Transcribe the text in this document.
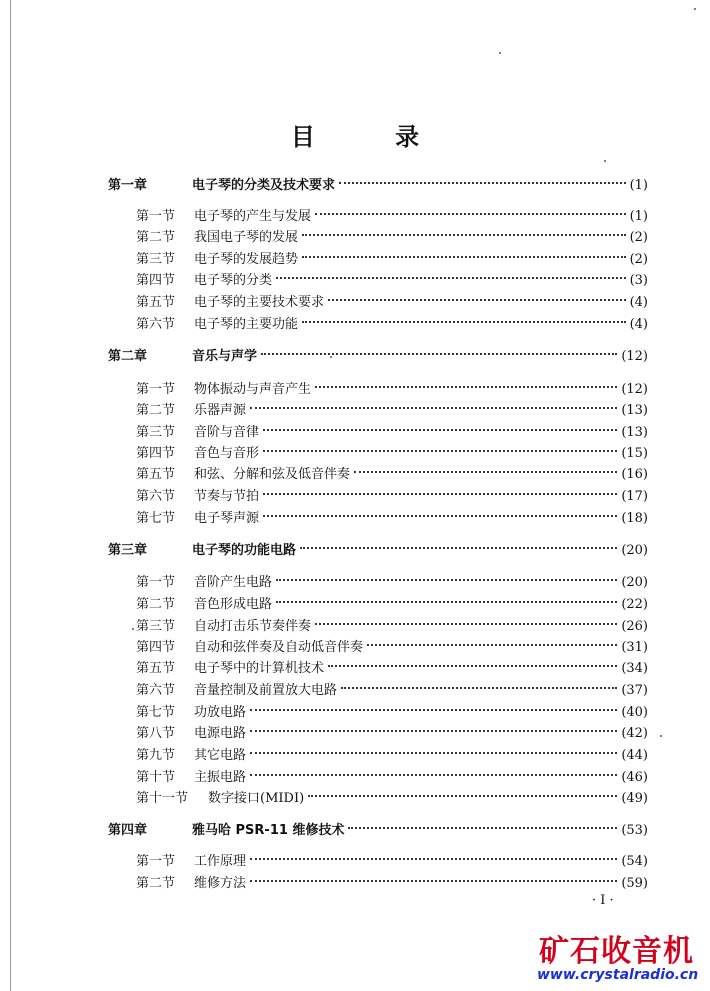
目 录
第一章	电子琴的分类及技术要求	(1)
第一节 电子琴的产生与发展	(1)
第二节 我国电子琴的发展	(2)
第三节 电子琴的发展趋势	(2)
第四节 电子琴的分类	(3)
第五节 电子琴的主要技术要求	(4)
第六节 电子琴的主要功能	(4)
第二章	音乐与声学	(12)
第一节 物体振动与声音产生	(12)
第二节 乐器声源	(13)
第三节 音阶与音律	(13)
第四节 音色与音形	(15)
第五节 和弦、分解和弦及低音伴奏	(16)
第六节 节奏与节拍	(17)
第七节 电子琴声源	(18)
第三章	电子琴的功能电路	(20)
第一节 音阶产生电路	(20)
第二节 音色形成电路	(22)
第三节 自动打击乐节奏伴奏	(26)
第四节 自动和弦伴奏及自动低音伴奏	(31)
第五节 电子琴中的计算机技术	(34)
第六节 音量控制及前置放大电路	(37)
第七节 功放电路	(40)
第八节 电源电路	(42)
第九节 其它电路	(44)
第十节 主振电路	(46)
第十一节 数字接口(MIDI)	(49)
第四章	雅马哈 PSR-11 维修技术	(53)
第一节 工作原理	(54)
第二节 维修方法	(59)
· I ·
矿石收音机
www.crystalradio.cn
